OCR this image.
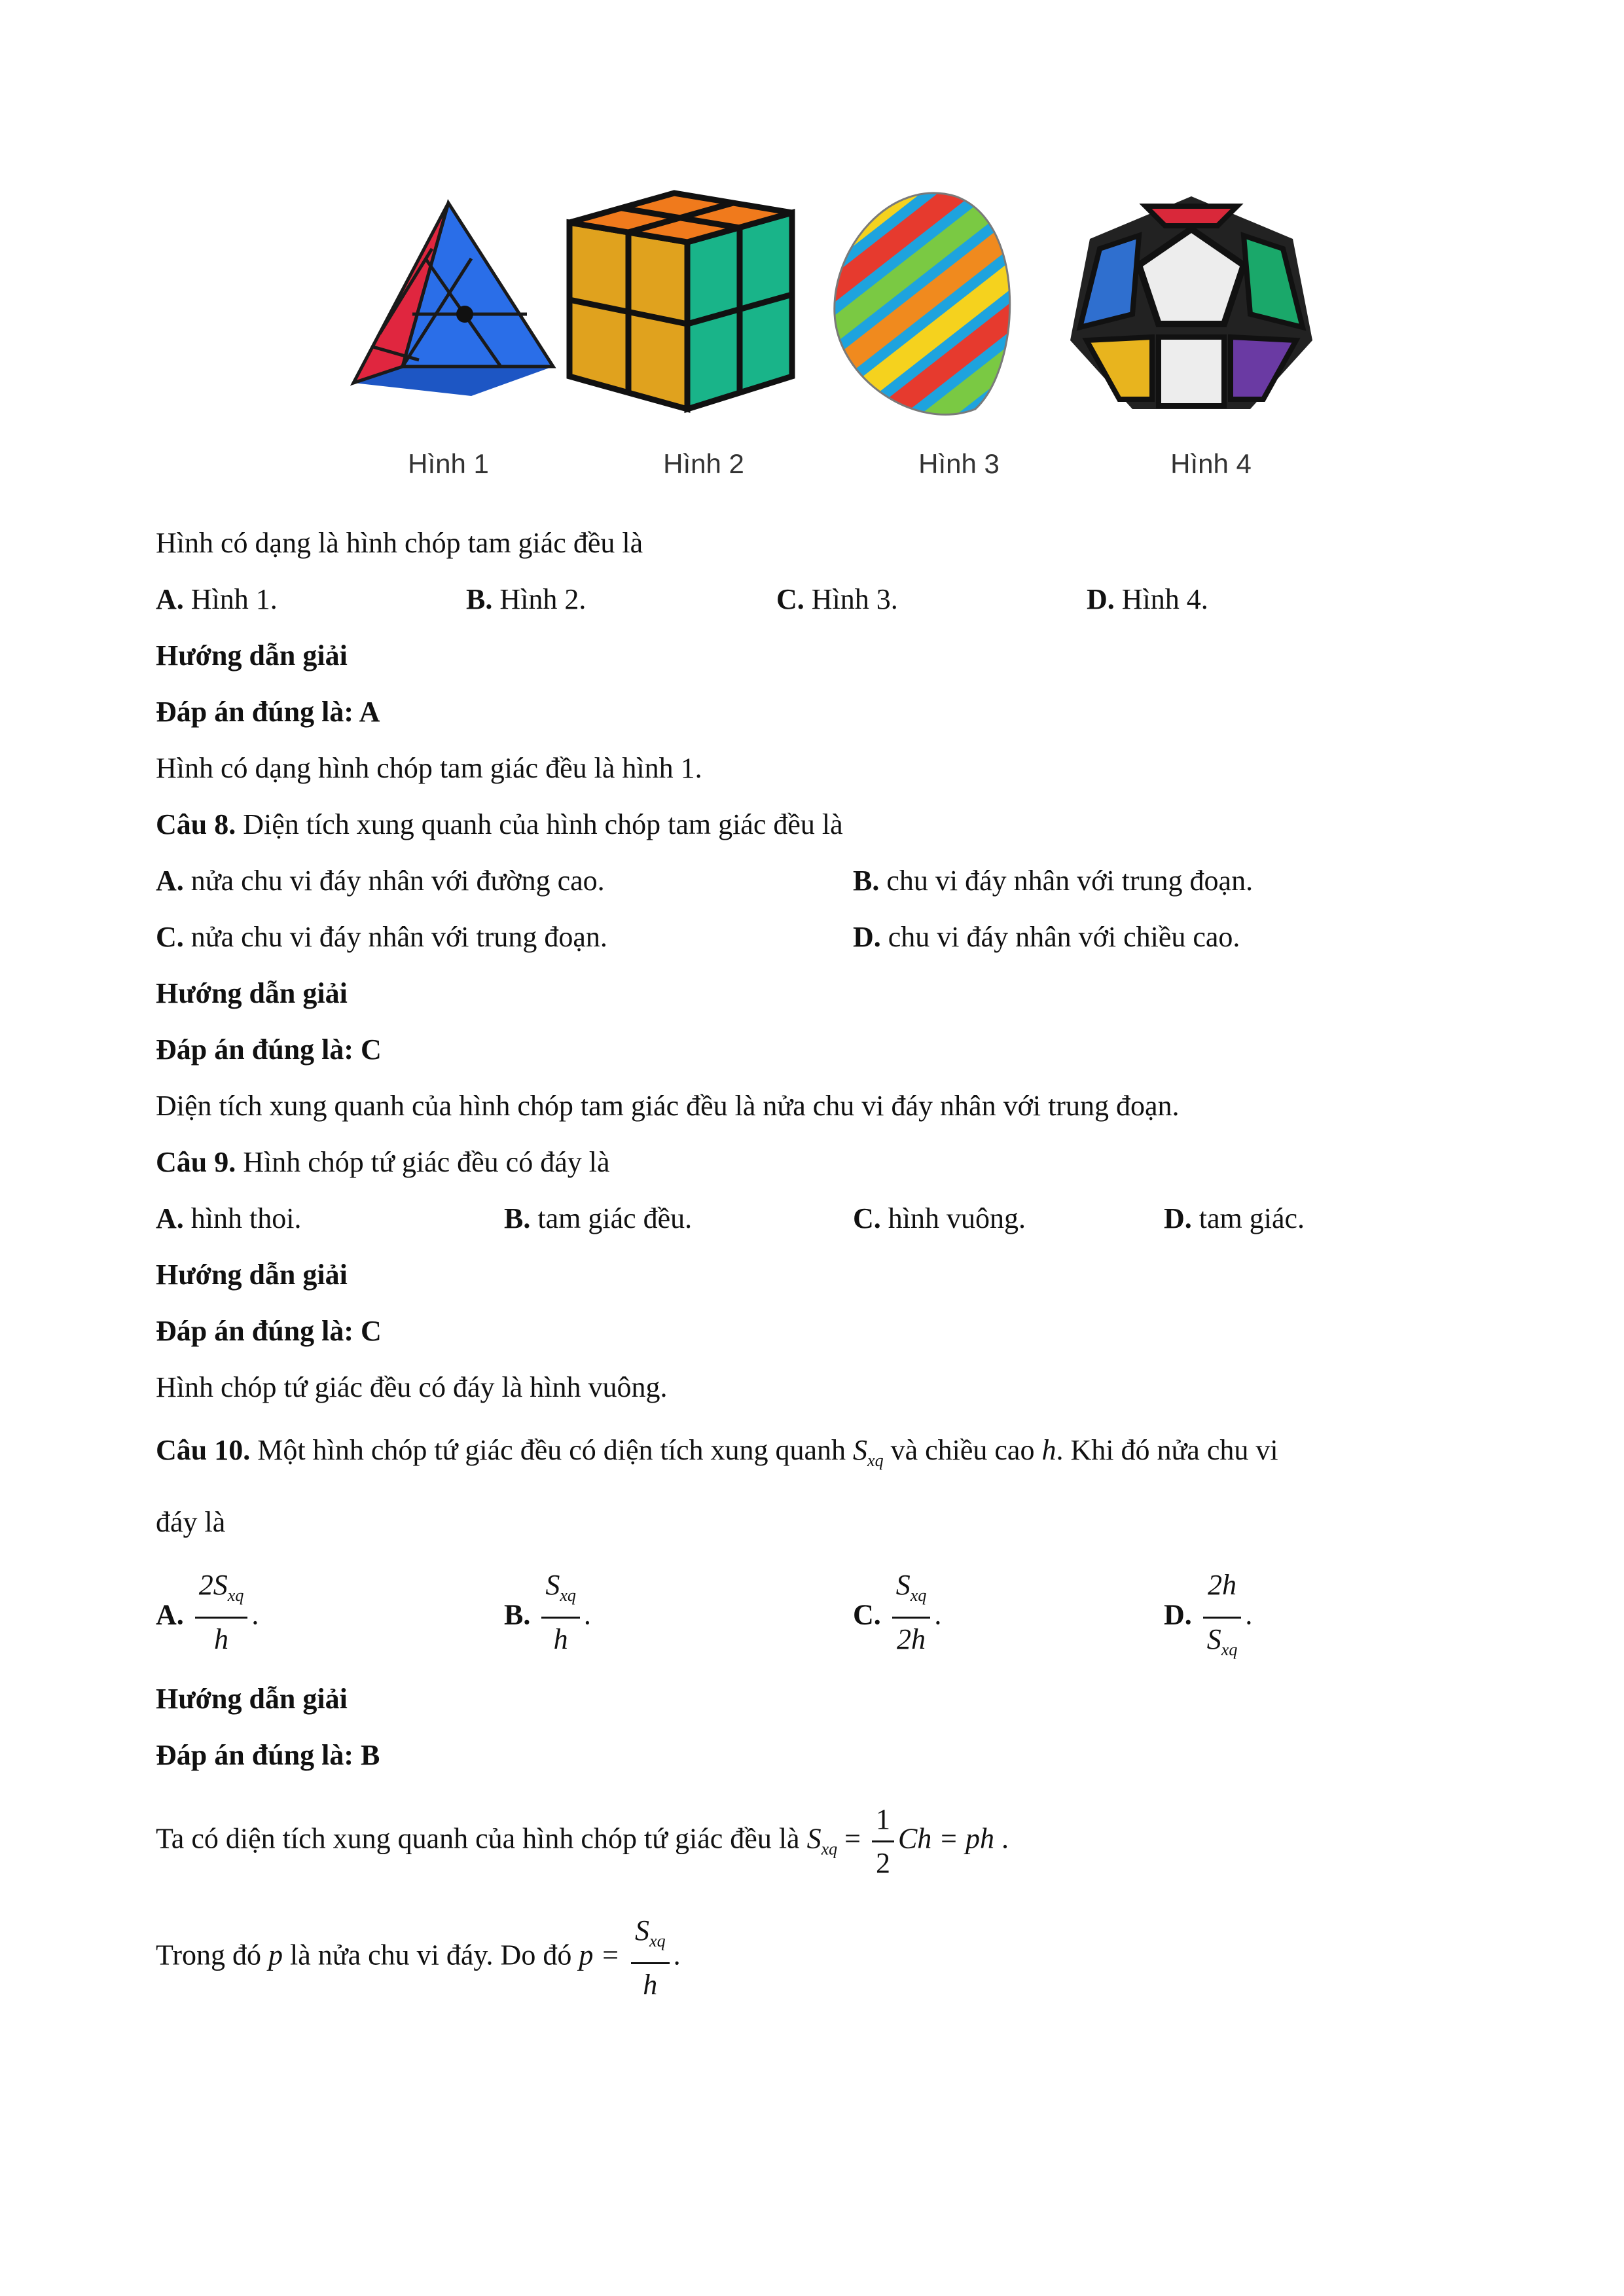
Hình 1	Hình 2	Hình 3	Hình 4
Hình có dạng là hình chóp tam giác đều là
A. Hình 1.	B. Hình 2.	C. Hình 3.	D. Hình 4.
Hướng dẫn giải
Đáp án đúng là: A
Hình có dạng hình chóp tam giác đều là hình 1.
Câu 8. Diện tích xung quanh của hình chóp tam giác đều là
A. nửa chu vi đáy nhân với đường cao.	B. chu vi đáy nhân với trung đoạn.
C. nửa chu vi đáy nhân với trung đoạn.	D. chu vi đáy nhân với chiều cao.
Hướng dẫn giải
Đáp án đúng là: C
Diện tích xung quanh của hình chóp tam giác đều là nửa chu vi đáy nhân với trung đoạn.
Câu 9. Hình chóp tứ giác đều có đáy là
A. hình thoi.	B. tam giác đều.	C. hình vuông.	D. tam giác.
Hướng dẫn giải
Đáp án đúng là: C
Hình chóp tứ giác đều có đáy là hình vuông.
Câu 10. Một hình chóp tứ giác đều có diện tích xung quanh $S_{xq}$ và chiều cao h. Khi đó nửa chu vi
đáy là
A. $\frac{2S_{xq}}{h}$ .	B. $\frac{S_{xq}}{h}$ .	C. $\frac{S_{xq}}{2h}$ .	D. $\frac{2h}{S_{xq}}$ .
Hướng dẫn giải
Đáp án đúng là: B
Ta có diện tích xung quanh của hình chóp tứ giác đều là $S_{xq} = \frac{1}{2}$ Ch = ph .
Trong đó p là nửa chu vi đáy. Do đó $p = \frac{S_{xq}}{h}$ .
